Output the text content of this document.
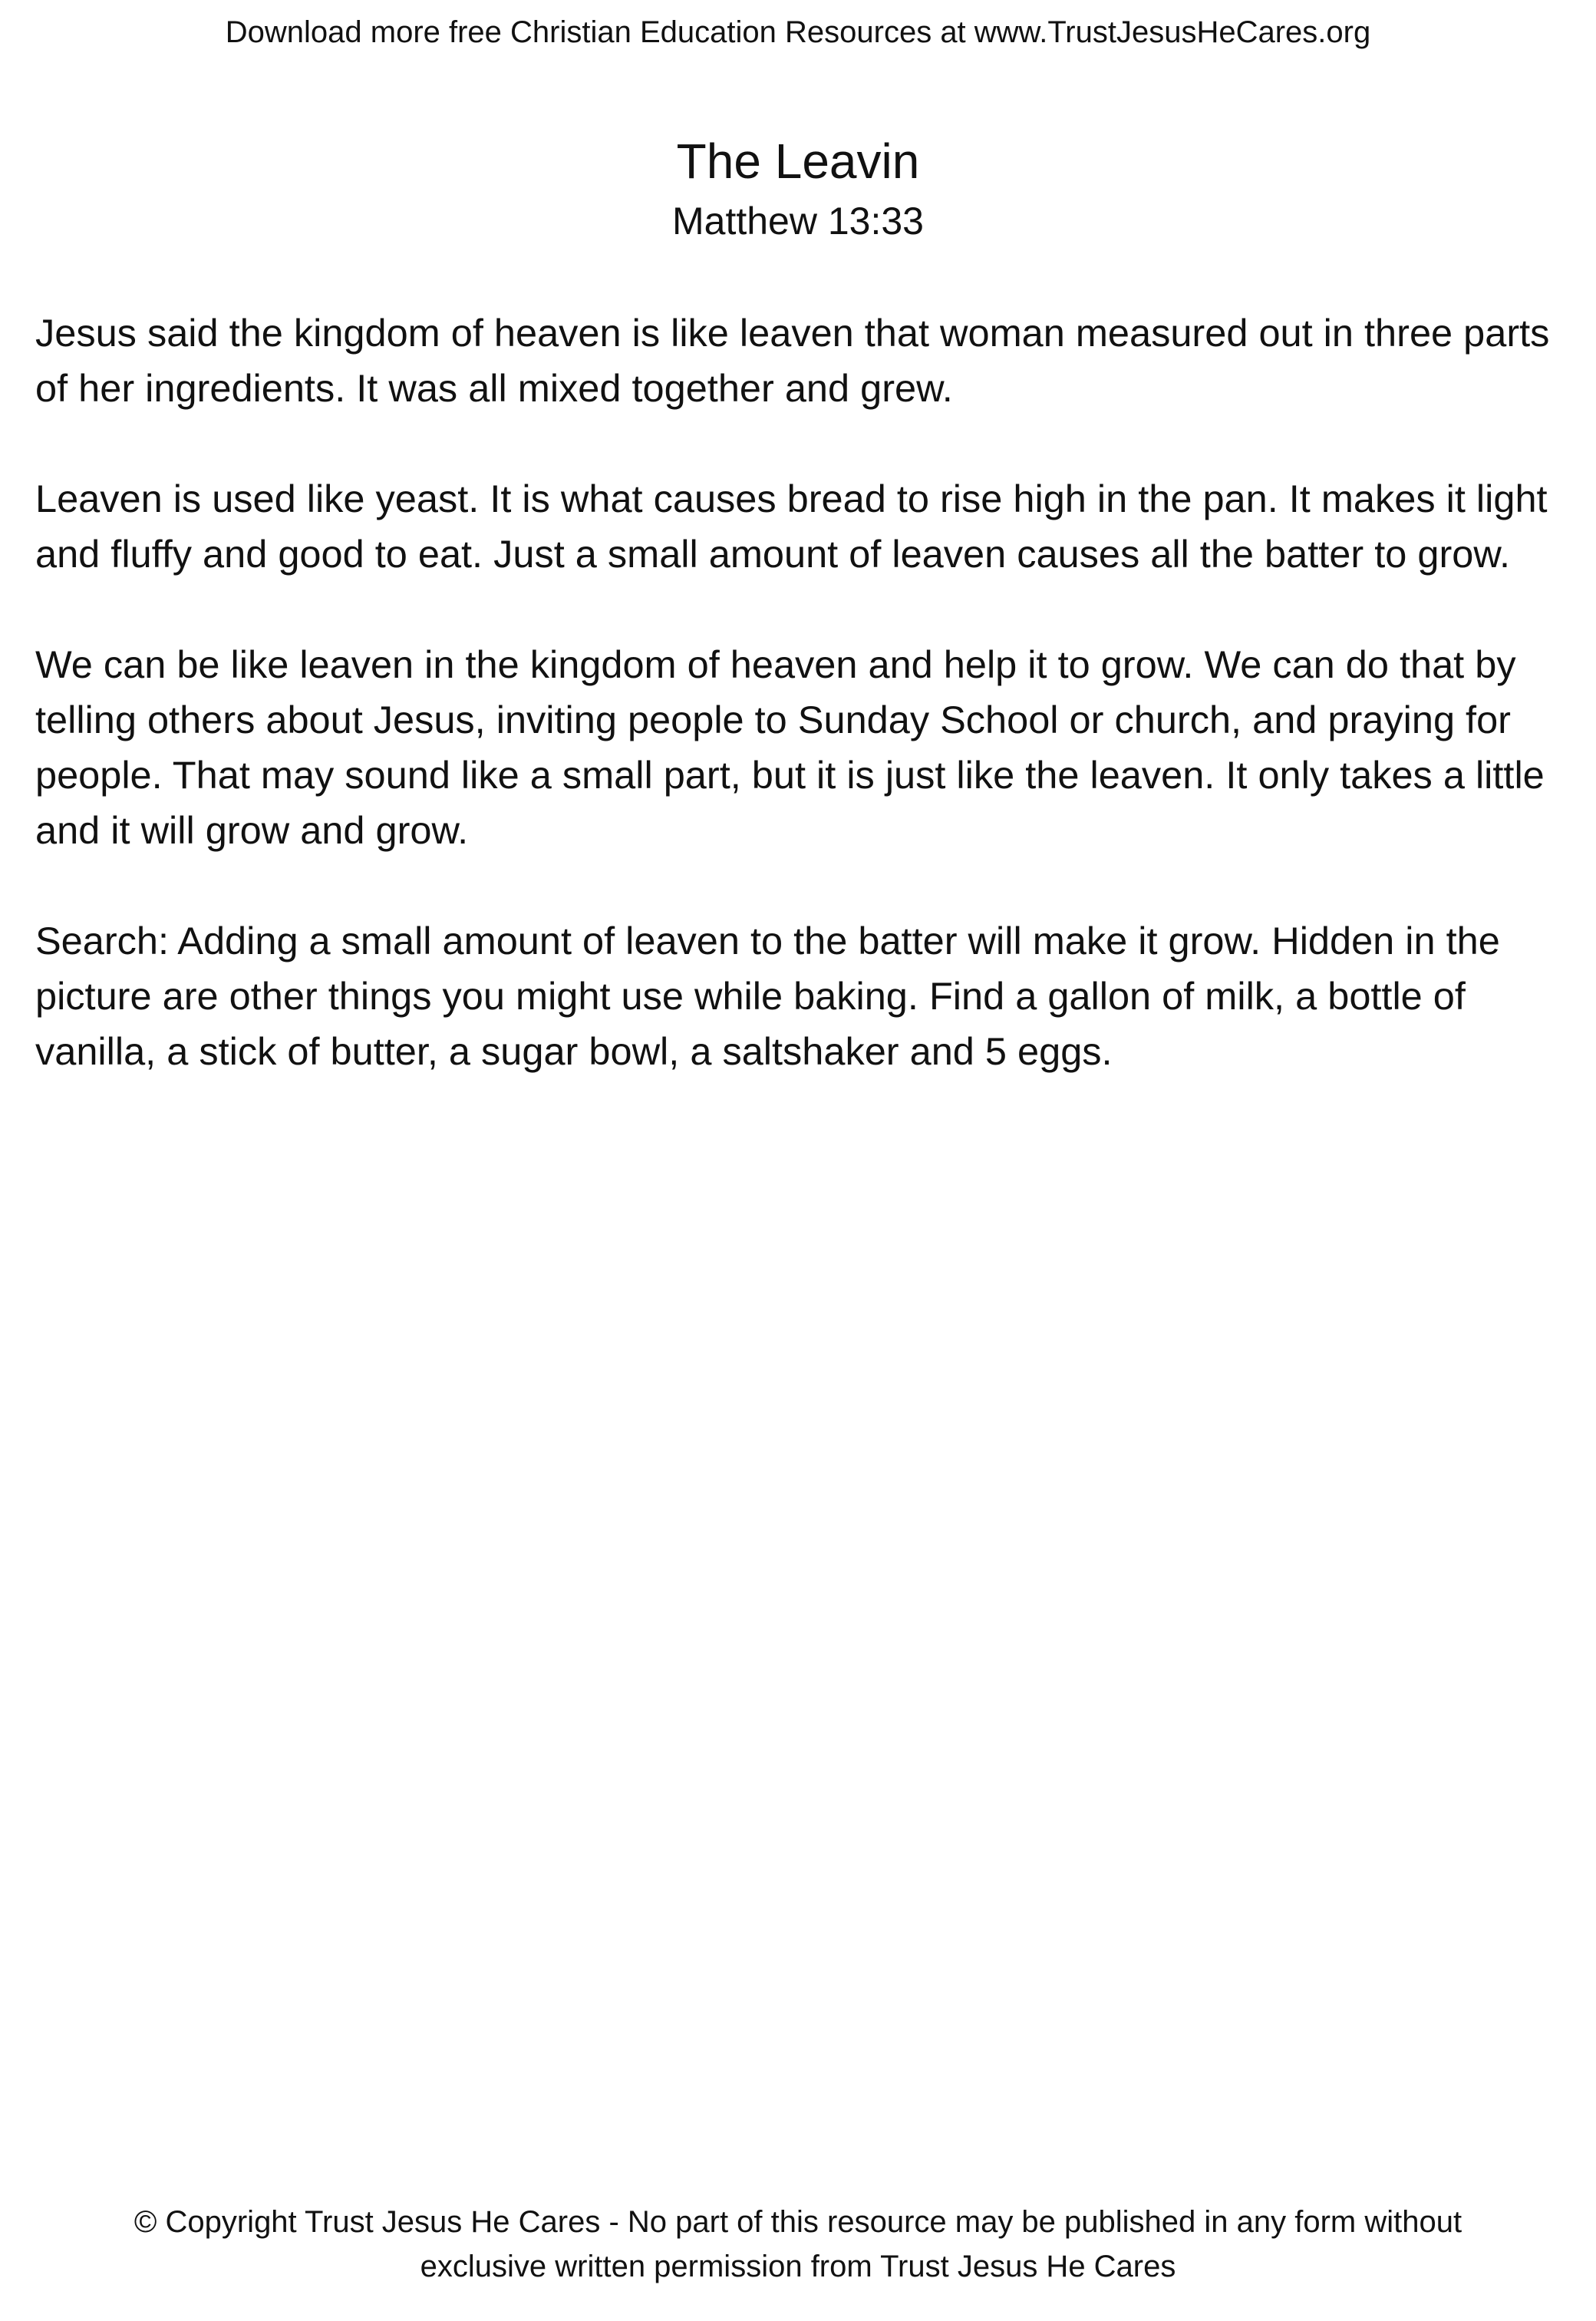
Download more free Christian Education Resources at www.TrustJesusHeCares.org
The Leavin
Matthew 13:33

Jesus said the kingdom of heaven is like leaven that woman measured out in three parts of her ingredients. It was all mixed together and grew.

Leaven is used like yeast. It is what causes bread to rise high in the pan. It makes it light and fluffy and good to eat. Just a small amount of leaven causes all the batter to grow.

We can be like leaven in the kingdom of heaven and help it to grow. We can do that by telling others about Jesus, inviting people to Sunday School or church, and praying for people. That may sound like a small part, but it is just like the leaven. It only takes a little and it will grow and grow.

Search: Adding a small amount of leaven to the batter will make it grow. Hidden in the picture are other things you might use while baking. Find a gallon of milk, a bottle of vanilla, a stick of butter, a sugar bowl, a saltshaker and 5 eggs.

© Copyright Trust Jesus He Cares - No part of this resource may be published in any form without
exclusive written permission from Trust Jesus He Cares
